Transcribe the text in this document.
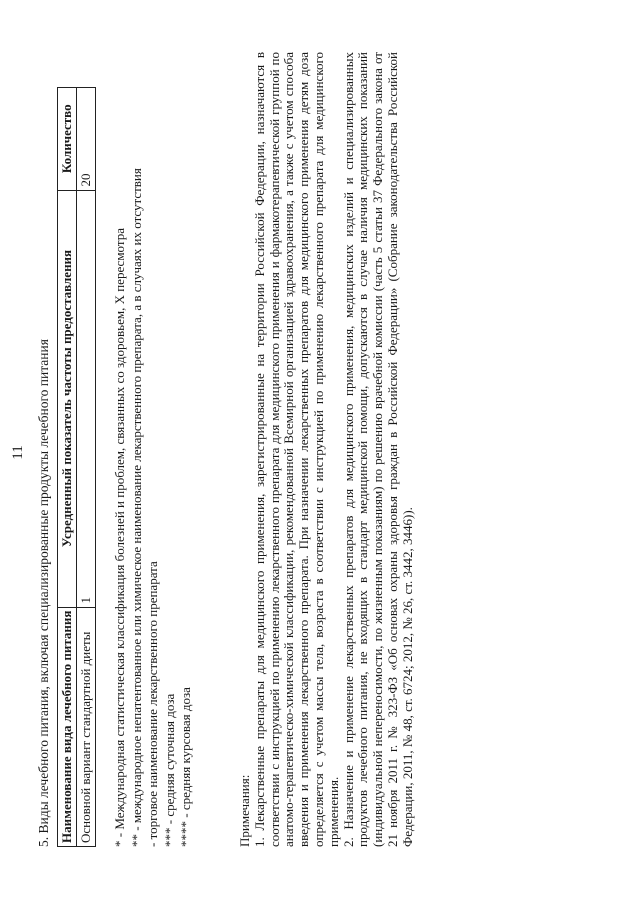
11 5. Виды лечебного питания, включая специализированные продукты лечебного питания Наименование вида лечебного питания	Усредненный показатель частоты предоставления	Количество
Основной вариант стандартной диеты	1	20
* - Международная статистическая классификация болезней и проблем, связанных со здоровьем, X пересмотра ** - международное непатентованное или химическое наименование лекарственного препарата, а в случаях их отсутствия - торговое наименование лекарственного препарата *** - средняя суточная доза **** - средняя курсовая доза	Примечания: 1. Лекарственные препараты для медицинского применения, зарегистрированные на территории Российской Федерации, назначаются в соответствии с инструкцией по применению лекарственного препарата для медицинского применения и фармакотерапевтической группой по анатомо-терапевтическо-химической классификации, рекомендованной Всемирной организацией здравоохранения, а также с учетом способа введения и применения лекарственного препарата. При назначении лекарственных препаратов для медицинского применения детям доза определяется с учетом массы тела, возраста в соответствии с инструкцией по применению лекарственного препарата для медицинского применения. 2. Назначение и применение лекарственных препаратов для медицинского применения, медицинских изделий и специализированных продуктов лечебного питания, не входящих в стандарт медицинской помощи, допускаются в случае наличия медицинских показаний (индивидуальной непереносимости, по жизненным показаниям) по решению врачебной комиссии (часть 5 статьи 37 Федерального закона от 21 ноября 2011 г. № 323-ФЗ «Об основах охраны здоровья граждан в Российской Федерации» (Собрание законодательства Российской Федерации, 2011, № 48, ст. 6724; 2012, № 26, ст. 3442, 3446)).
